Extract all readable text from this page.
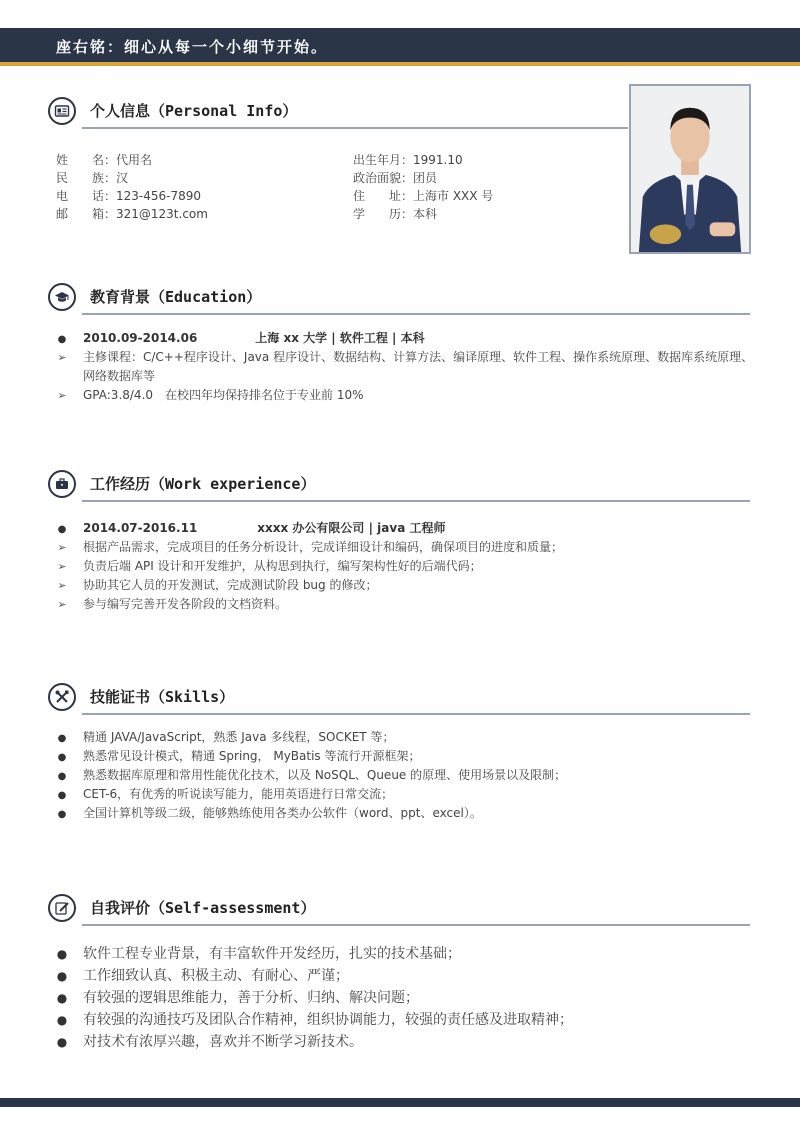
座右铭：细心从每一个小细节开始。
个人信息（Personal Info）
姓　　名：代用名
民　　族：汉
电　　话：123-456-7890
邮　　箱：321@123t.com
出生年月：1991.10
政治面貌：团员
住　　址：上海市 XXX 号
学　　历：本科
教育背景（Education）
●
2010.09-2014.06	上海 xx 大学 | 软件工程 | 本科
➢
主修课程：C/C++程序设计、Java 程序设计、数据结构、计算方法、编译原理、软件工程、操作系统原理、数据库系统原理、网络数据库等
➢
GPA:3.8/4.0　在校四年均保持排名位于专业前 10%
工作经历（Work experience）
●
2014.07-2016.11	xxxx 办公有限公司 | java 工程师
➢
根据产品需求，完成项目的任务分析设计，完成详细设计和编码，确保项目的进度和质量；
➢
负责后端 API 设计和开发维护，从构思到执行，编写架构性好的后端代码；
➢
协助其它人员的开发测试，完成测试阶段 bug 的修改；
➢
参与编写完善开发各阶段的文档资料。
技能证书（Skills）
●
精通 JAVA/JavaScript，熟悉 Java 多线程，SOCKET 等；
●
熟悉常见设计模式，精通 Spring， MyBatis 等流行开源框架；
●
熟悉数据库原理和常用性能优化技术，以及 NoSQL、Queue 的原理、使用场景以及限制；
●
CET-6，有优秀的听说读写能力，能用英语进行日常交流；
●
全国计算机等级二级，能够熟练使用各类办公软件（word、ppt、excel）。
自我评价（Self-assessment）
●
软件工程专业背景，有丰富软件开发经历，扎实的技术基础；
●
工作细致认真、积极主动、有耐心、严谨；
●
有较强的逻辑思维能力，善于分析、归纳、解决问题；
●
有较强的沟通技巧及团队合作精神，组织协调能力，较强的责任感及进取精神；
●
对技术有浓厚兴趣，喜欢并不断学习新技术。
